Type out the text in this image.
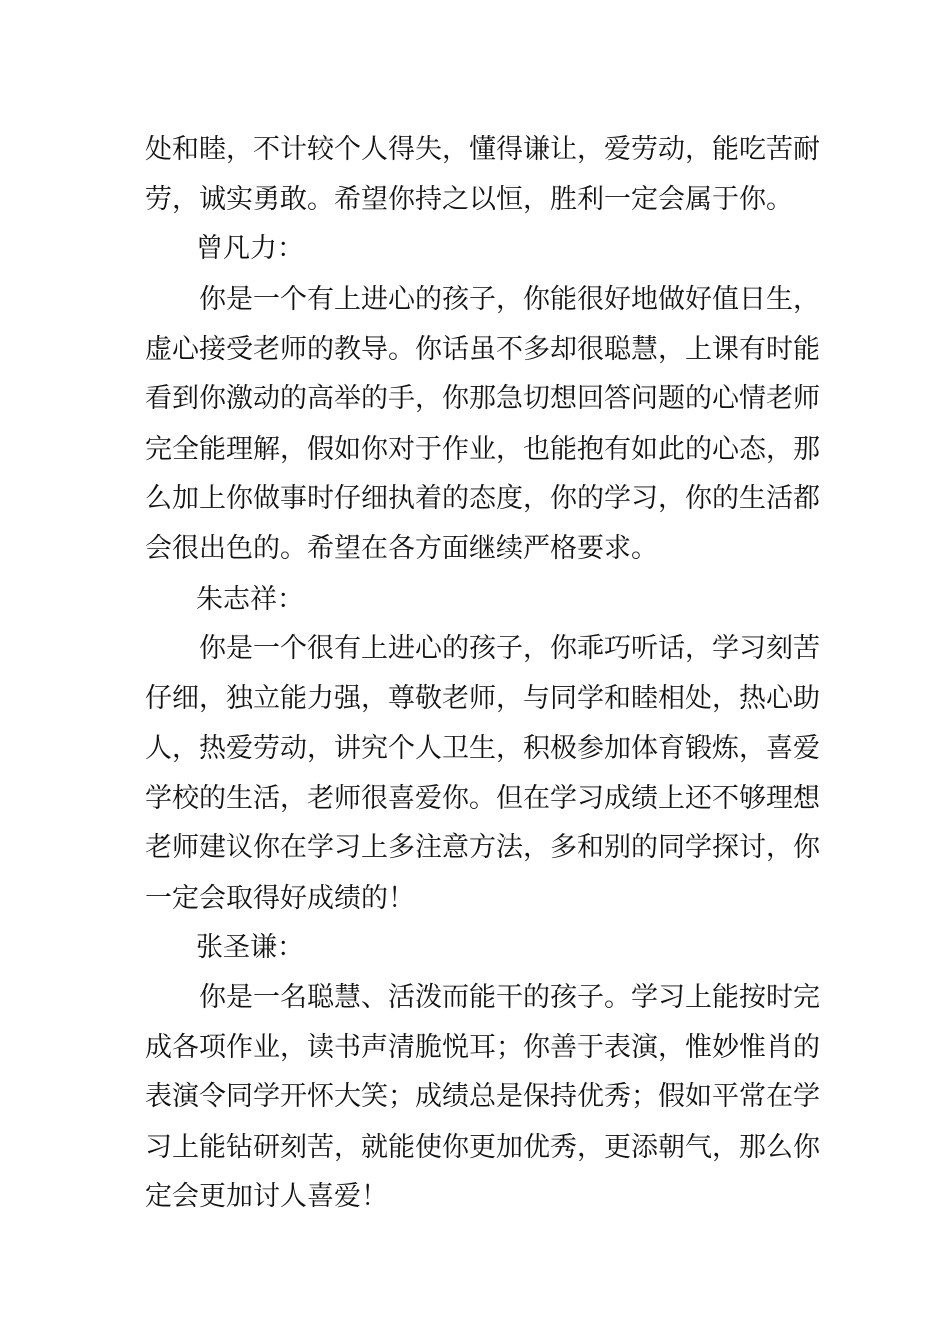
处和睦，不计较个人得失，懂得谦让，爱劳动，能吃苦耐
劳，诚实勇敢。希望你持之以恒，胜利一定会属于你。
曾凡力：
你是一个有上进心的孩子，你能很好地做好值日生，
虚心接受老师的教导。你话虽不多却很聪慧，上课有时能
看到你激动的高举的手，你那急切想回答问题的心情老师
完全能理解，假如你对于作业，也能抱有如此的心态，那
么加上你做事时仔细执着的态度，你的学习，你的生活都
会很出色的。希望在各方面继续严格要求。
朱志祥：
你是一个很有上进心的孩子，你乖巧听话，学习刻苦
仔细，独立能力强，尊敬老师，与同学和睦相处，热心助
人，热爱劳动，讲究个人卫生，积极参加体育锻炼，喜爱
学校的生活，老师很喜爱你。但在学习成绩上还不够理想
老师建议你在学习上多注意方法，多和别的同学探讨，你
一定会取得好成绩的！
张圣谦：
你是一名聪慧、活泼而能干的孩子。学习上能按时完
成各项作业，读书声清脆悦耳；你善于表演，惟妙惟肖的
表演令同学开怀大笑；成绩总是保持优秀；假如平常在学
习上能钻研刻苦，就能使你更加优秀，更添朝气，那么你
定会更加讨人喜爱！
